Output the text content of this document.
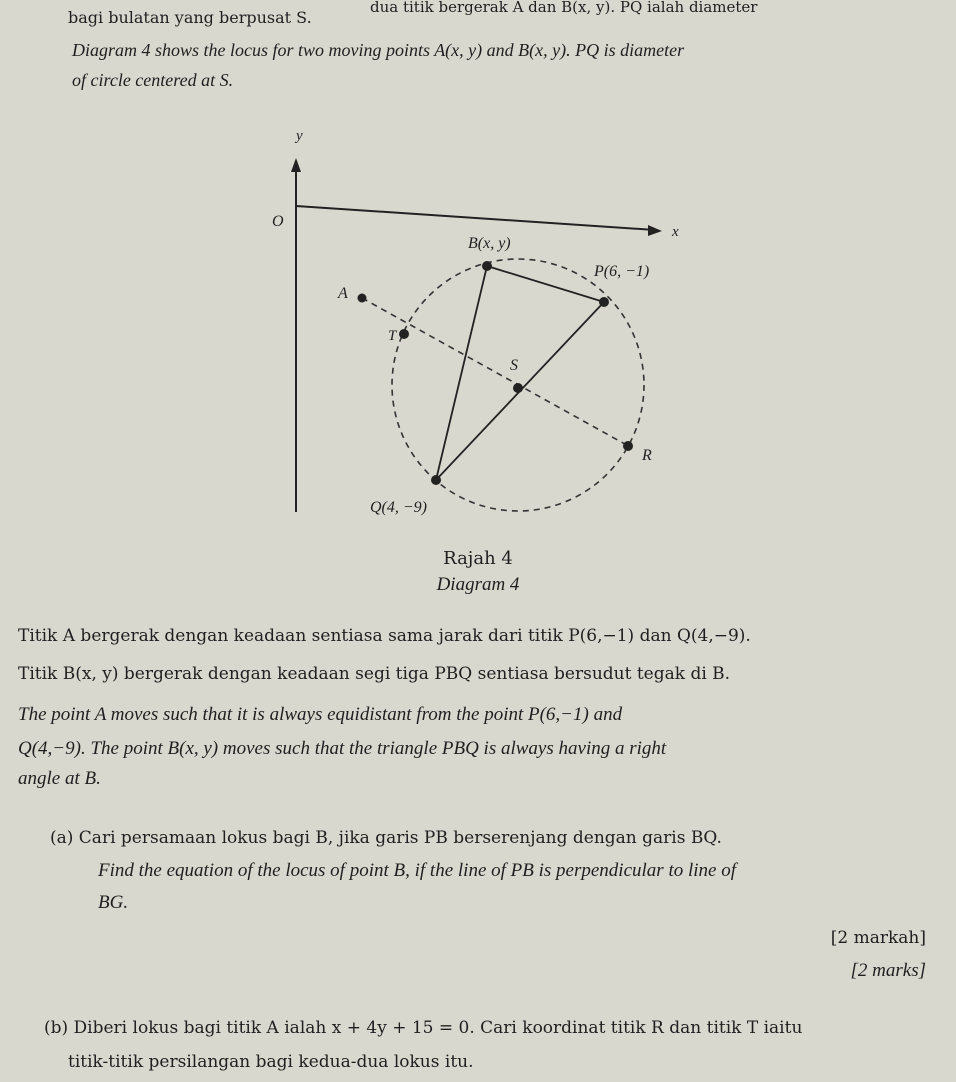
bagi bulatan yang berpusat S.
dua titik bergerak A dan B(x, y). PQ ialah diameter
Diagram 4 shows the locus for two moving points A(x, y) and B(x, y). PQ is diameter
of circle centered at S.
y
x
O
B(x, y)
P(6, −1)
A
T
S
R
Q(4, −9)
Rajah 4
Diagram 4
Titik A bergerak dengan keadaan sentiasa sama jarak dari titik P(6,−1) dan Q(4,−9).
Titik B(x, y) bergerak dengan keadaan segi tiga PBQ sentiasa bersudut tegak di B.
The point A moves such that it is always equidistant from the point P(6,−1) and
Q(4,−9). The point B(x, y) moves such that the triangle PBQ is always having a right
angle at B.
(a) Cari persamaan lokus bagi B, jika garis PB berserenjang dengan garis BQ.
Find the equation of the locus of point B, if the line of PB is perpendicular to line of
BG.
[2 markah]
[2 marks]
(b) Diberi lokus bagi titik A ialah x + 4y + 15 = 0. Cari koordinat titik R dan titik T iaitu
titik-titik persilangan bagi kedua-dua lokus itu.
